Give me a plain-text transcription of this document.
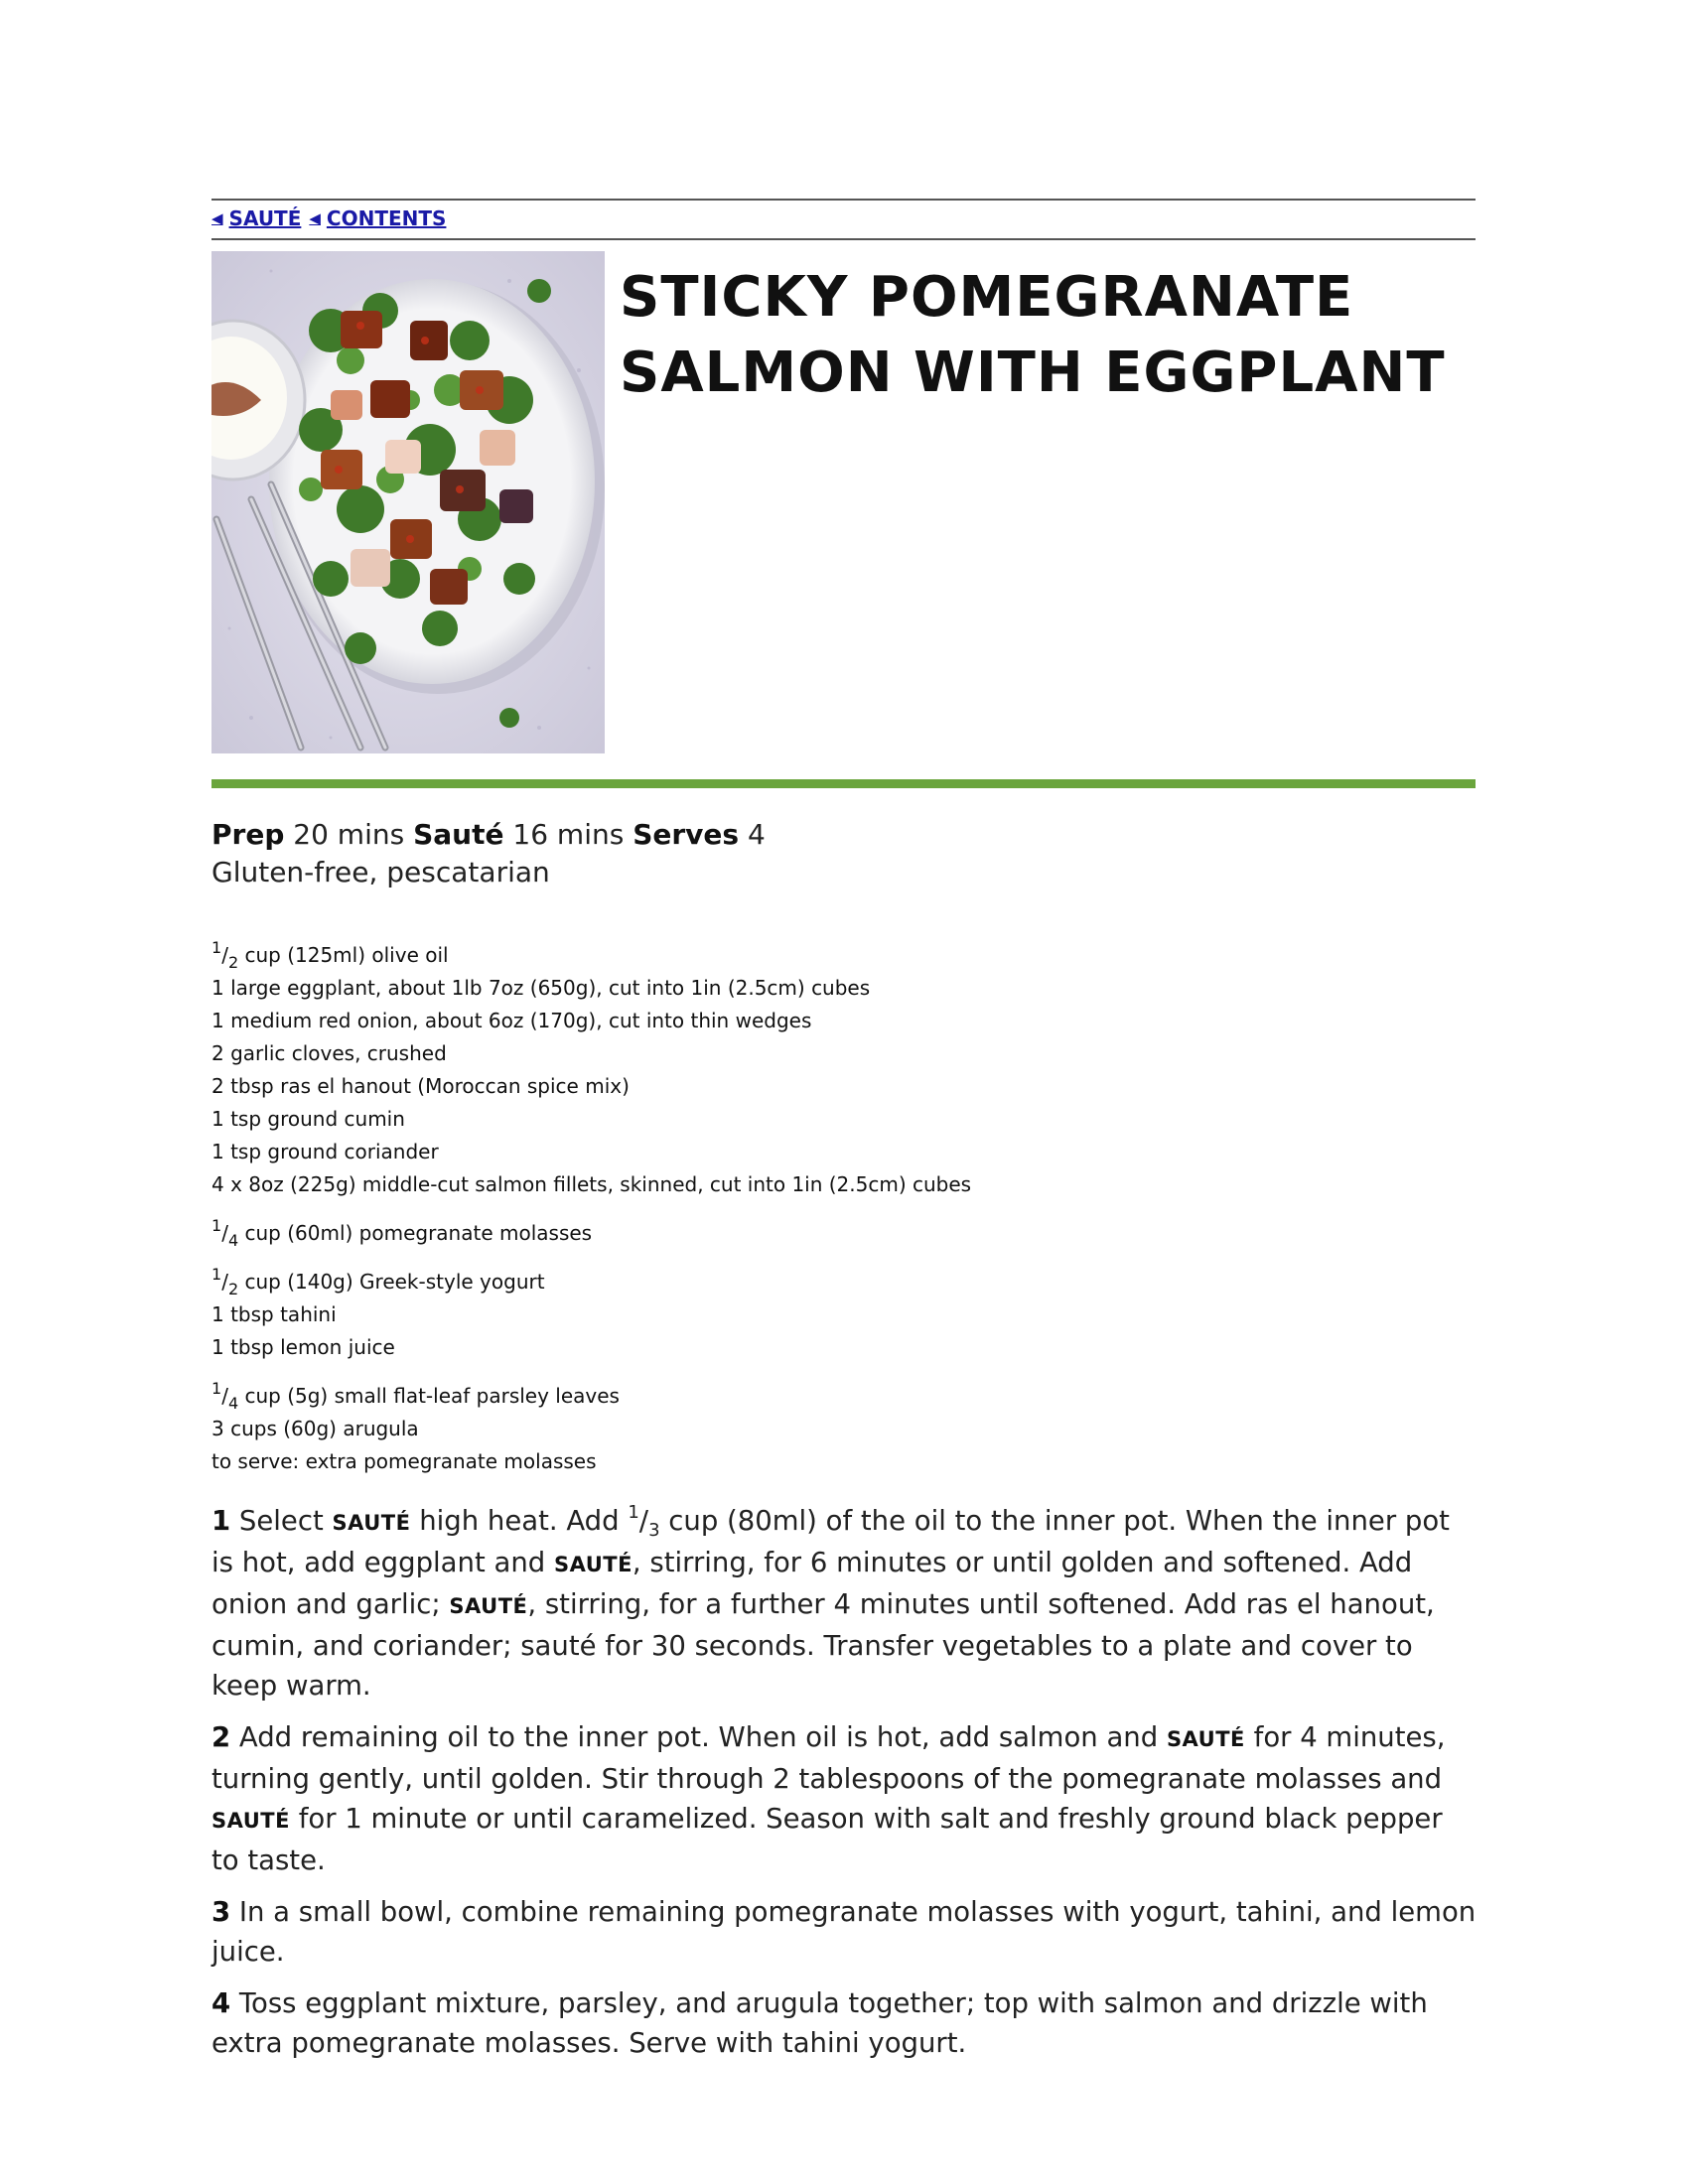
◀ SAUTÉ ◀ CONTENTS
STICKY POMEGRANATE
SALMON WITH EGGPLANT
Prep 20 mins Sauté 16 mins Serves 4
Gluten-free, pescatarian
$^1/_2$ cup (125ml) olive oil
1 large eggplant, about 1lb 7oz (650g), cut into 1in (2.5cm) cubes
1 medium red onion, about 6oz (170g), cut into thin wedges
2 garlic cloves, crushed
2 tbsp ras el hanout (Moroccan spice mix)
1 tsp ground cumin
1 tsp ground coriander
4 x 8oz (225g) middle-cut salmon fillets, skinned, cut into 1in (2.5cm) cubes
$^1/_4$ cup (60ml) pomegranate molasses
$^1/_2$ cup (140g) Greek-style yogurt
1 tbsp tahini
1 tbsp lemon juice
$^1/_4$ cup (5g) small flat-leaf parsley leaves
3 cups (60g) arugula
to serve: extra pomegranate molasses

1 Select SAUTÉ high heat. Add $^1/_3$ cup (80ml) of the oil to the inner pot. When the inner pot is hot, add eggplant and SAUTÉ, stirring, for 6 minutes or until golden and softened. Add onion and garlic; SAUTÉ, stirring, for a further 4 minutes until softened. Add ras el hanout, cumin, and coriander; sauté for 30 seconds. Transfer vegetables to a plate and cover to keep warm.

2 Add remaining oil to the inner pot. When oil is hot, add salmon and SAUTÉ for 4 minutes, turning gently, until golden. Stir through 2 tablespoons of the pomegranate molasses and SAUTÉ for 1 minute or until caramelized. Season with salt and freshly ground black pepper to taste.

3 In a small bowl, combine remaining pomegranate molasses with yogurt, tahini, and lemon juice.

4 Toss eggplant mixture, parsley, and arugula together; top with salmon and drizzle with extra pomegranate molasses. Serve with tahini yogurt.
